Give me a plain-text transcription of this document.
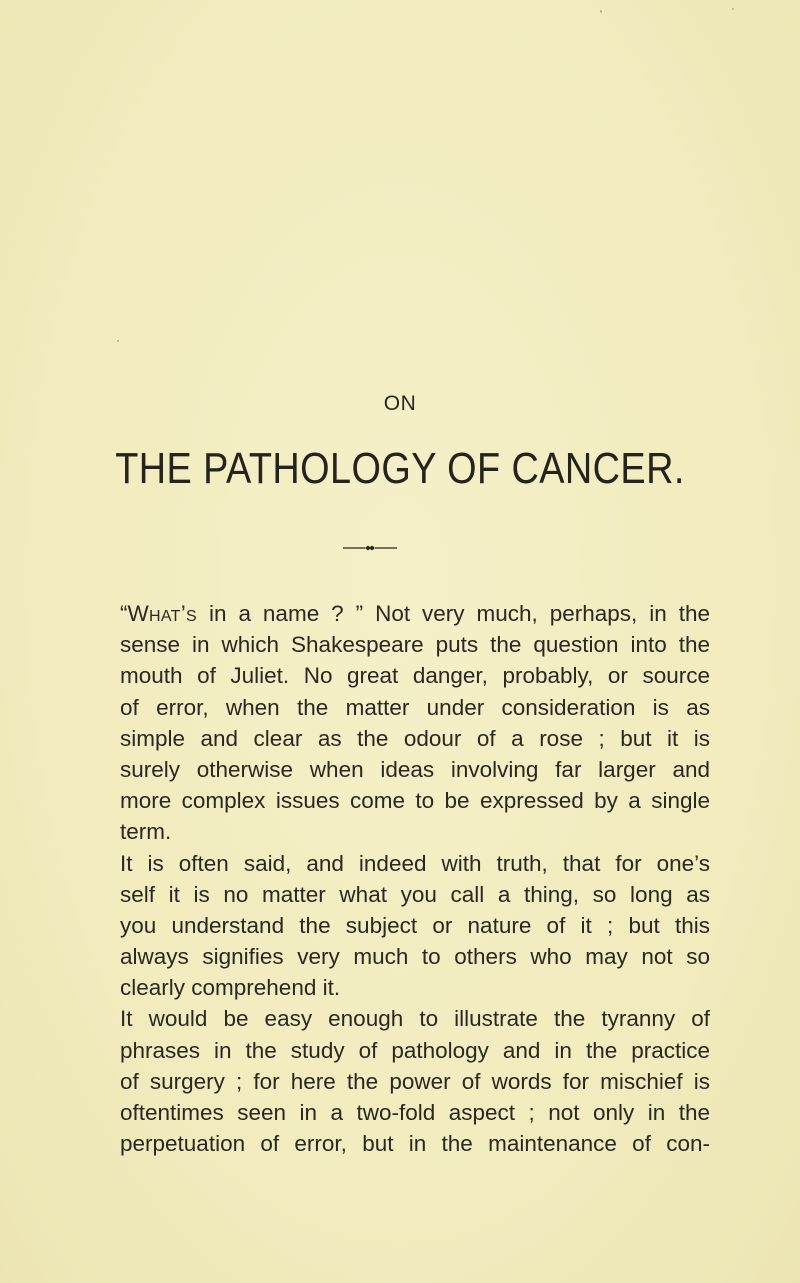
ON
THE PATHOLOGY OF CANCER.
“What’s in a name ? ” Not very much, perhaps, in the
sense in which Shakespeare puts the question into the
mouth of Juliet. No great danger, probably, or source
of error, when the matter under consideration is as
simple and clear as the odour of a rose ; but it is
surely otherwise when ideas involving far larger and
more complex issues come to be expressed by a single
term.
It is often said, and indeed with truth, that for one’s
self it is no matter what you call a thing, so long as
you understand the subject or nature of it ; but this
always signifies very much to others who may not so
clearly comprehend it.
It would be easy enough to illustrate the tyranny of
phrases in the study of pathology and in the practice
of surgery ; for here the power of words for mischief is
oftentimes seen in a two-fold aspect ; not only in the
perpetuation of error, but in the maintenance of con-
